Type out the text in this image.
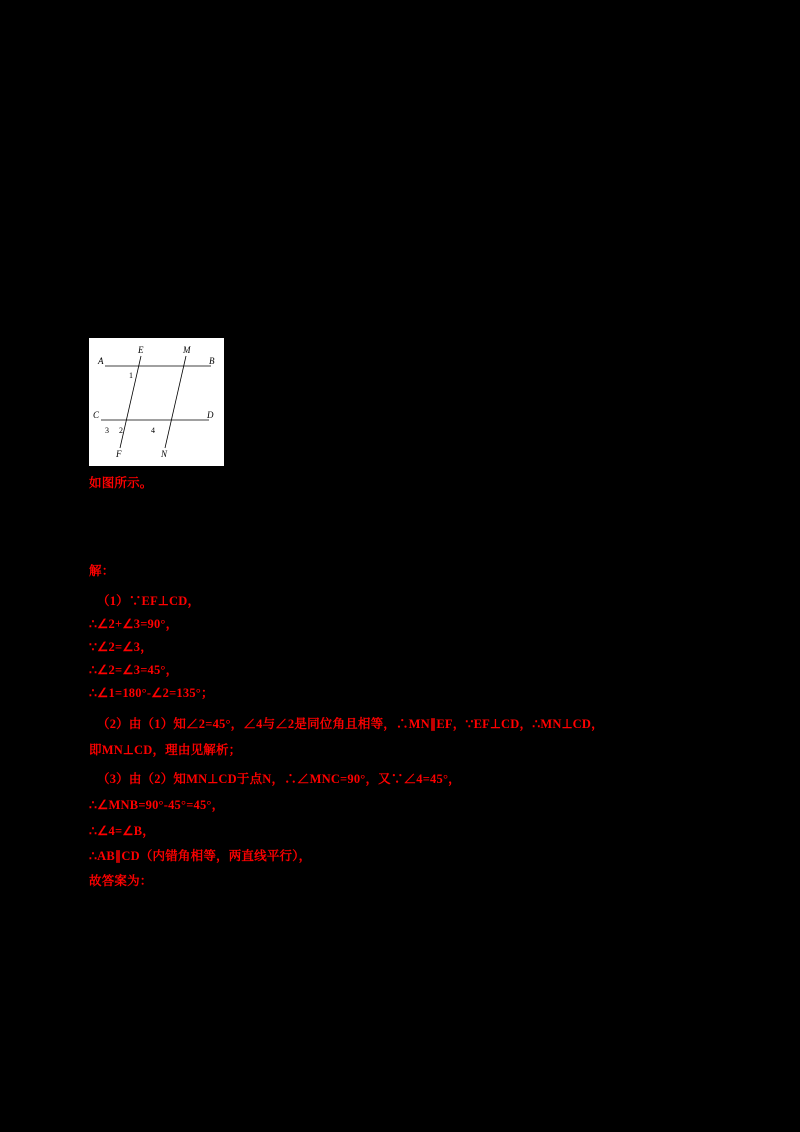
A
E	M
B
C	D
F	N
1
2
3	4
如图所示。
解：
（1）∵EF⊥CD，
∴∠2+∠3=90°，
∵∠2=∠3，
∴∠2=∠3=45°，
∴∠1=180°-∠2=135°；
（2）由（1）知∠2=45°，∠4与∠2是同位角且相等，∴MN∥EF，∵EF⊥CD，∴MN⊥CD，
即MN⊥CD，理由见解析；
（3）由（2）知MN⊥CD于点N，∴∠MNC=90°，又∵∠4=45°，
∴∠MNB=90°-45°=45°，
∴∠4=∠B，
∴AB∥CD（内错角相等，两直线平行），
故答案为：
